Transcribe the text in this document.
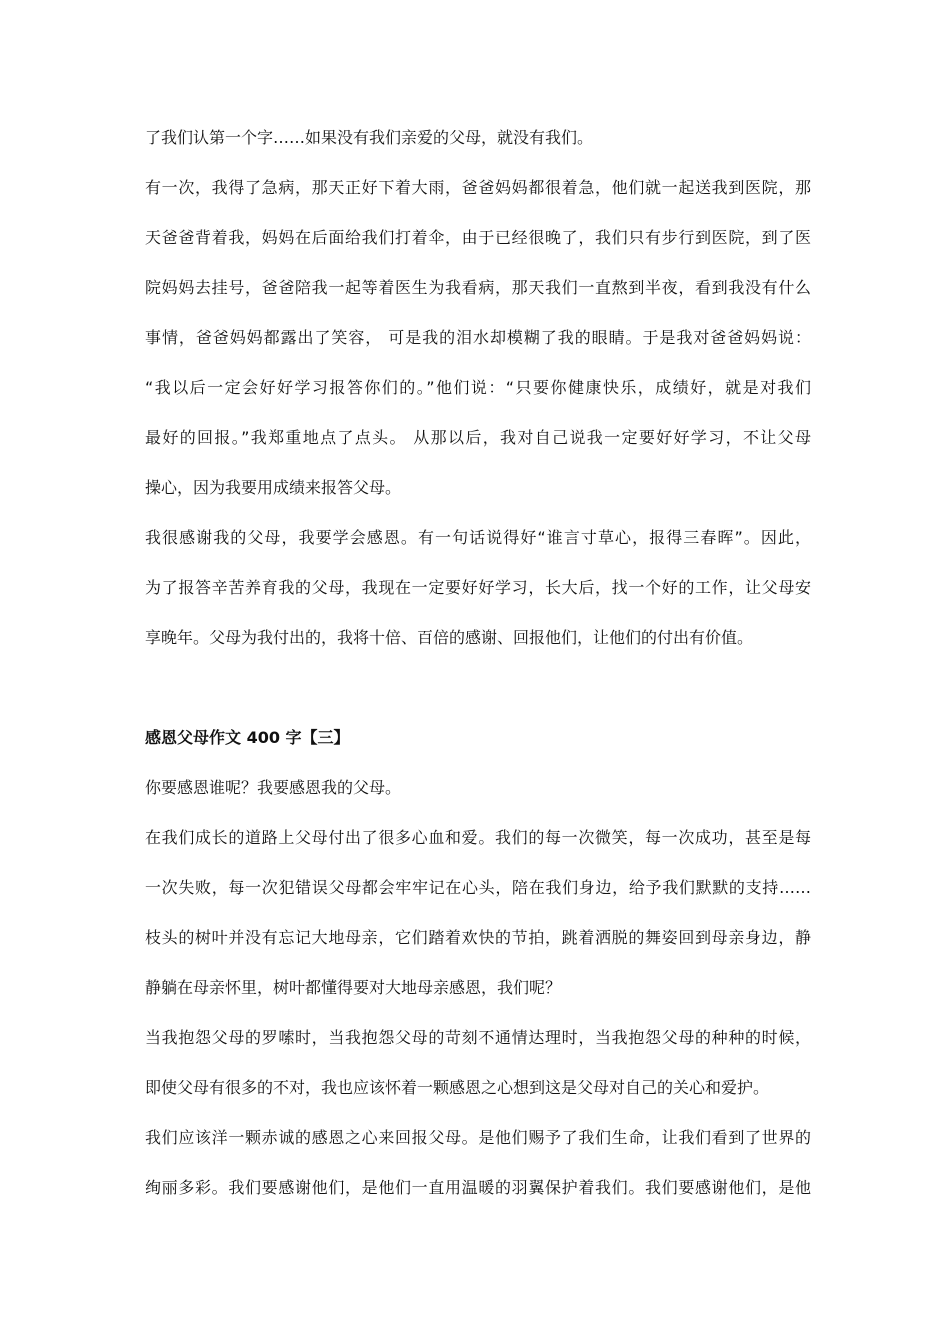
了我们认第一个字……如果没有我们亲爱的父母，就没有我们。
有一次，我得了急病，那天正好下着大雨，爸爸妈妈都很着急，他们就一起送我到医院，那
天爸爸背着我，妈妈在后面给我们打着伞，由于已经很晚了，我们只有步行到医院，到了医
院妈妈去挂号，爸爸陪我一起等着医生为我看病，那天我们一直熬到半夜，看到我没有什么
事情，爸爸妈妈都露出了笑容， 可是我的泪水却模糊了我的眼睛。于是我对爸爸妈妈说：
“我以后一定会好好学习报答你们的。”他们说：“只要你健康快乐，成绩好，就是对我们
最好的回报。”我郑重地点了点头。 从那以后，我对自己说我一定要好好学习，不让父母
操心，因为我要用成绩来报答父母。
我很感谢我的父母，我要学会感恩。有一句话说得好“谁言寸草心，报得三春晖”。因此，
为了报答辛苦养育我的父母，我现在一定要好好学习，长大后，找一个好的工作，让父母安
享晚年。父母为我付出的，我将十倍、百倍的感谢、回报他们，让他们的付出有价值。
感恩父母作文 400 字【三】
你要感恩谁呢？我要感恩我的父母。
在我们成长的道路上父母付出了很多心血和爱。我们的每一次微笑，每一次成功，甚至是每
一次失败，每一次犯错误父母都会牢牢记在心头，陪在我们身边，给予我们默默的支持……
枝头的树叶并没有忘记大地母亲，它们踏着欢快的节拍，跳着洒脱的舞姿回到母亲身边，静
静躺在母亲怀里，树叶都懂得要对大地母亲感恩，我们呢？
当我抱怨父母的罗嗦时，当我抱怨父母的苛刻不通情达理时，当我抱怨父母的种种的时候，
即使父母有很多的不对，我也应该怀着一颗感恩之心想到这是父母对自己的关心和爱护。
我们应该洋一颗赤诚的感恩之心来回报父母。是他们赐予了我们生命，让我们看到了世界的
绚丽多彩。我们要感谢他们，是他们一直用温暖的羽翼保护着我们。我们要感谢他们，是他
